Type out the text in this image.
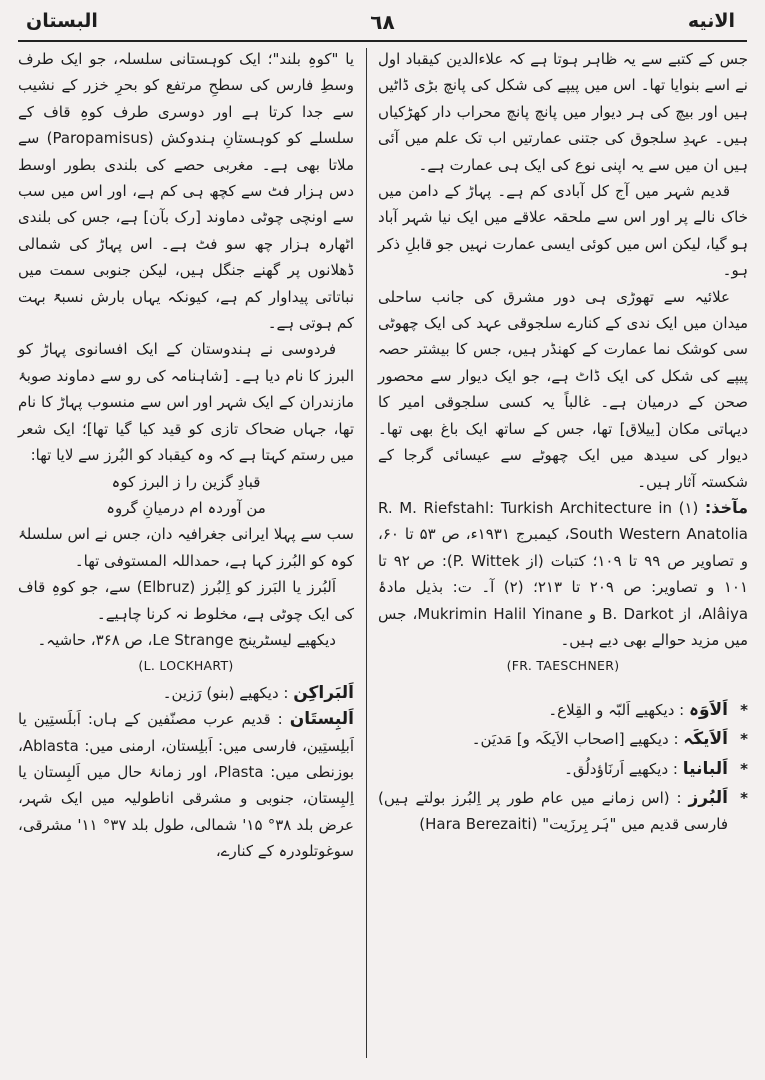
البستان	٦٨	الانیه

جس کے کتبے سے یہ ظاہر ہوتا ہے کہ علاءالدین کیقباد اول نے اسے بنوایا تھا۔ اس میں پیپے کی شکل کی پانچ بڑی ڈاٹیں ہیں اور بیچ کی ہر دیوار میں پانچ پانچ محراب دار کھڑکیاں ہیں۔ عہدِ سلجوق کی جتنی عمارتیں اب تک علم میں آئی ہیں ان میں سے یہ اپنی نوع کی ایک ہی عمارت ہے۔

قدیم شہر میں آج کل آبادی کم ہے۔ پہاڑ کے دامن میں خاک نالے پر اور اس سے ملحقہ علاقے میں ایک نیا شہر آباد ہو گیا، لیکن اس میں کوئی ایسی عمارت نہیں جو قابلِ ذکر ہو۔

علائیہ سے تھوڑی ہی دور مشرق کی جانب ساحلی میدان میں ایک ندی کے کنارے سلجوقی عہد کی ایک چھوٹی سی کوشک نما عمارت کے کھنڈر ہیں، جس کا بیشتر حصہ پیپے کی شکل کی ایک ڈاٹ ہے، جو ایک دیوار سے محصور صحن کے درمیان ہے۔ غالباً یہ کسی سلجوقی امیر کا دیہاتی مکان [ییلاق] تھا، جس کے ساتھ ایک باغ بھی تھا۔ دیوار کی سیدھ میں ایک چھوٹے سے عیسائی گرجا کے شکستہ آثار ہیں۔

مآخذ: (۱) R. M. Riefstahl: Turkish Architecture in South Western Anatolia، کیمبرج ۱۹۳۱ء، ص ۵۳ تا ۶۰، و تصاویر ص ۹۹ تا ۱۰۹؛ کتبات (از P. Wittek): ص ۹۲ تا ۱۰۱ و تصاویر: ص ۲۰۹ تا ۲۱۳؛ (۲) آ۔ ت: بذیل مادۂ Alâiya، از B. Darkot و Mukrimin Halil Yinane، جس میں مزید حوالے بھی دیے ہیں۔

(FR. TAESCHNER)

*
اَلاَوَہ : دیکھیے اَلبّہ و القِلاع۔
*
اَلاَیکَہ : دیکھیے [اصحاب الاَیکَہ و] مَدیَن۔
*
اَلبانیا : دیکھیے اَرنَاؤدلُق۔
*
اَلبُرز : (اس زمانے میں عام طور پر اِلبُرز بولتے ہیں) فارسی قدیم میں "ہَر بِرزَیت" (Hara Berezaiti)

یا "کوہِ بلند"؛ ایک کوہستانی سلسلہ، جو ایک طرف وسطِ فارس کی سطحِ مرتفع کو بحرِ خزر کے نشیب سے جدا کرتا ہے اور دوسری طرف کوہِ قاف کے سلسلے کو کوہستانِ ہندوکش (Paropamisus) سے ملاتا بھی ہے۔ مغربی حصے کی بلندی بطور اوسط دس ہزار فٹ سے کچھ ہی کم ہے، اور اس میں سب سے اونچی چوٹی دماوند [رک بآن] ہے، جس کی بلندی اٹھارہ ہزار چھ سو فٹ ہے۔ اس پہاڑ کی شمالی ڈھلانوں پر گھنے جنگل ہیں، لیکن جنوبی سمت میں نباتاتی پیداوار کم ہے، کیونکہ یہاں بارش نسبۃً بہت کم ہوتی ہے۔

فردوسی نے ہندوستان کے ایک افسانوی پہاڑ کو البرز کا نام دیا ہے۔ [شاہنامہ کی رو سے دماوند صوبۂ مازندران کے ایک شہر اور اس سے منسوب پہاڑ کا نام تھا، جہاں ضحاک تازی کو قید کیا گیا تھا]؛ ایک شعر میں رستم کہتا ہے کہ وہ کیقباد کو البُرز سے لایا تھا:

قبادِ گزین را ز البرز کوہ

من آوردہ ام درمیانِ گروہ

سب سے پہلا ایرانی جغرافیہ دان، جس نے اس سلسلۂ کوہ کو البُرز کہا ہے، حمداللہ المستوفی تھا۔

اَلبُرز یا البَرز کو اِلبُرز (Elbruz) سے، جو کوہِ قاف کی ایک چوٹی ہے، مخلوط نہ کرنا چاہیے۔

دیکھیے لیسٹرینج Le Strange، ص ۳۶۸، حاشیہ۔

(L. LOCKHART)

اَلبَراکِن : دیکھیے (بنو) رَزین۔

اَلبِستَان : قدیم عرب مصنّفین کے ہاں: اَبلَستِین یا اَبلِستِین، فارسی میں: اَبلِستان، ارمنی میں: Ablasta، بوزنطی میں: Plasta، اور زمانۂ حال میں اَلبِستان یا اِلبِستان، جنوبی و مشرقی اناطولیہ میں ایک شہر، عرض بلد ۳۸° ۱۵' شمالی، طول بلد ۳۷° ۱۱' مشرقی، سوغوتلودرہ کے کنارے،
